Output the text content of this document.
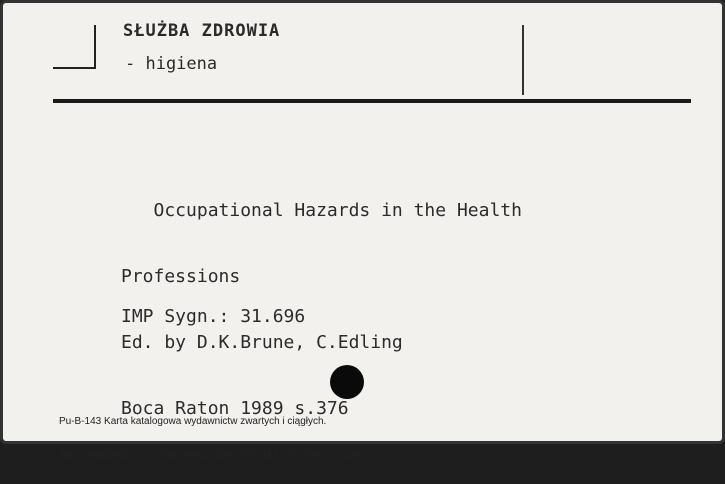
SŁUŻBA ZDROWIA
- higiena

Occupational Hazards in the Health

Professions

Ed. by D.K.Brune, C.Edling

Boca Raton 1989 s.376

IMP Sygn.: 31.696

Pu-B-143 Karta katalogowa wydawnictw zwartych i ciągłych.

Zam 698/DW/On  W.Z.Graf  Milicz  zam  472-84 1 550.000 74 × 120
